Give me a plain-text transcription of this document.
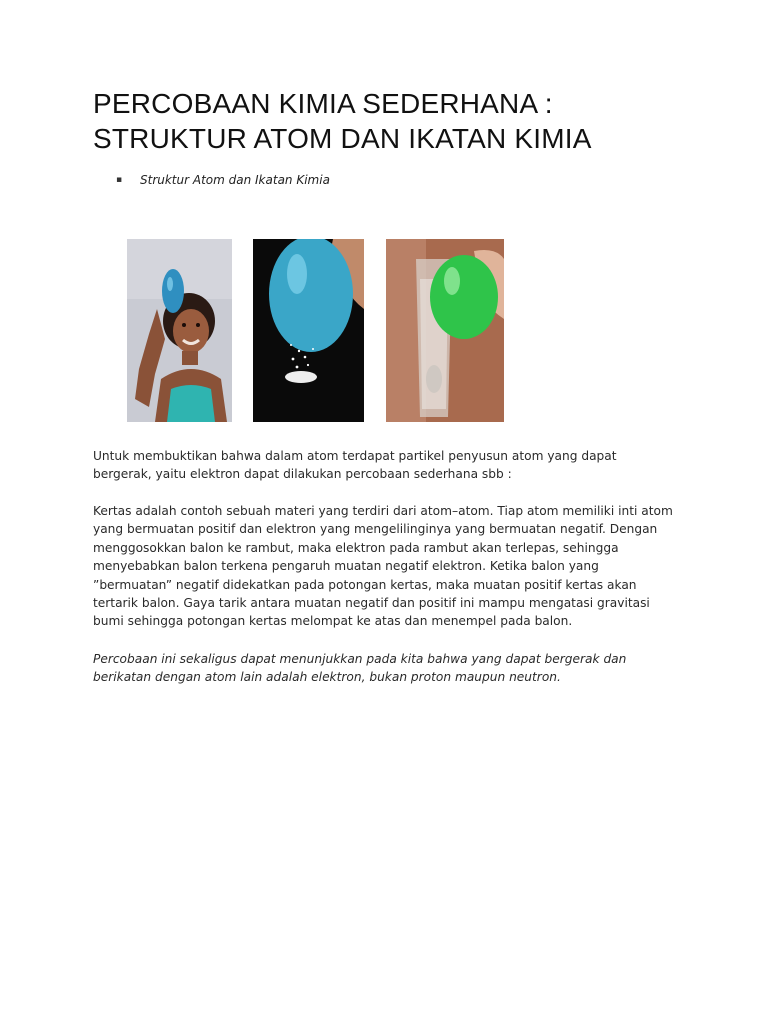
PERCOBAAN KIMIA SEDERHANA :
STRUKTUR ATOM DAN IKATAN KIMIA
▪	Struktur Atom dan Ikatan Kimia

Untuk membuktikan bahwa dalam atom terdapat partikel penyusun atom yang dapat bergerak, yaitu elektron dapat dilakukan percobaan sederhana sbb :

Kertas adalah contoh sebuah materi yang terdiri dari atom–atom. Tiap atom memiliki inti atom yang bermuatan positif dan elektron yang mengelilinginya yang bermuatan negatif. Dengan menggosokkan balon ke rambut, maka elektron pada rambut akan terlepas, sehingga menyebabkan balon terkena pengaruh muatan negatif elektron. Ketika balon yang ”bermuatan” negatif didekatkan pada potongan kertas, maka muatan positif kertas akan tertarik balon. Gaya tarik antara muatan negatif dan positif ini mampu mengatasi gravitasi bumi sehingga potongan kertas melompat ke atas dan menempel pada balon.

Percobaan ini sekaligus dapat menunjukkan pada kita bahwa yang dapat bergerak dan berikatan dengan atom lain adalah elektron, bukan proton maupun neutron.
